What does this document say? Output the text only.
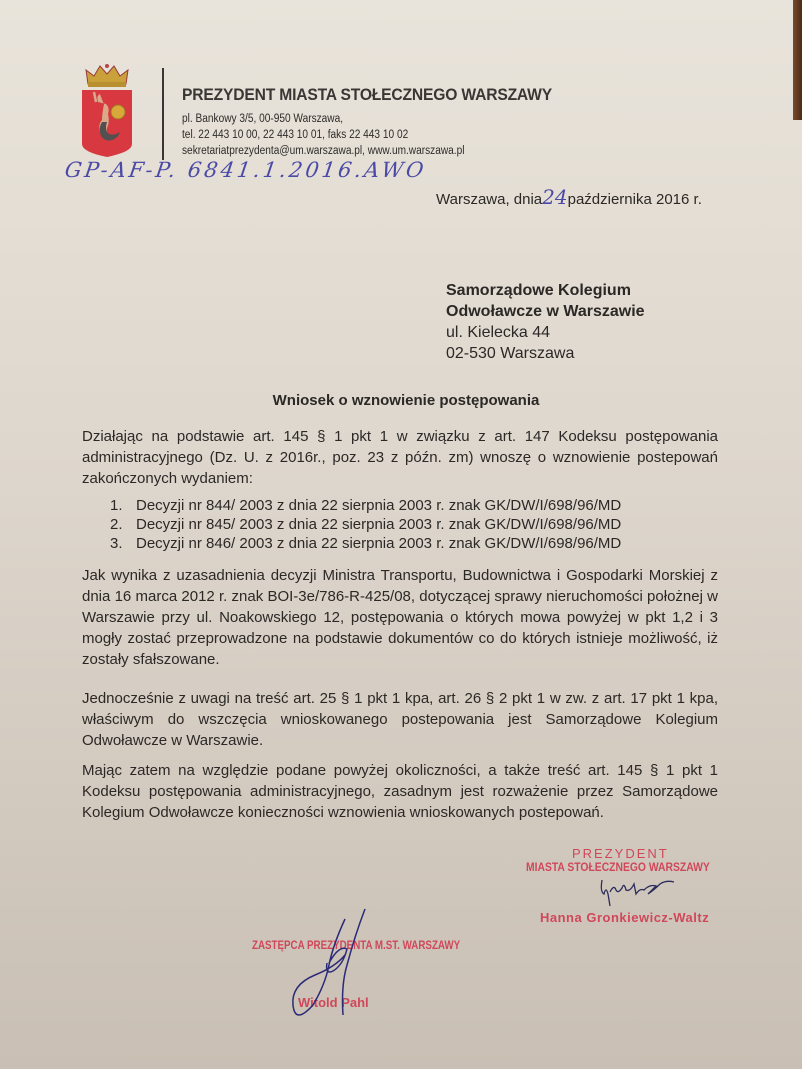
PREZYDENT MIASTA STOŁECZNEGO WARSZAWY
pl. Bankowy 3/5, 00-950 Warszawa,
tel. 22 443 10 00, 22 443 10 01, faks 22 443 10 02
sekretariatprezydenta@um.warszawa.pl, www.um.warszawa.pl
GP-AF-P. 6841.1.2016.AWO
Warszawa, dnia24października 2016 r.
Samorządowe Kolegium
Odwoławcze w Warszawie
ul. Kielecka 44
02-530 Warszawa
Wniosek o wznowienie postępowania
Działając na podstawie art. 145 § 1 pkt 1 w związku z art. 147 Kodeksu postępowania administracyjnego (Dz. U. z 2016r., poz. 23 z późn. zm) wnoszę o wznowienie postepowań zakończonych wydaniem:
1. Decyzji nr 844/ 2003 z dnia 22 sierpnia 2003 r. znak GK/DW/I/698/96/MD
2. Decyzji nr 845/ 2003 z dnia 22 sierpnia 2003 r. znak GK/DW/I/698/96/MD
3. Decyzji nr 846/ 2003 z dnia 22 sierpnia 2003 r. znak GK/DW/I/698/96/MD
Jak wynika z uzasadnienia decyzji Ministra Transportu, Budownictwa i Gospodarki Morskiej z dnia 16 marca 2012 r. znak BOI-3e/786-R-425/08, dotyczącej sprawy nieruchomości położnej w Warszawie przy ul. Noakowskiego 12, postępowania o których mowa powyżej w pkt 1,2 i 3 mogły zostać przeprowadzone na podstawie dokumentów co do których istnieje możliwość, iż zostały sfałszowane.
Jednocześnie z uwagi na treść art. 25 § 1 pkt 1 kpa, art. 26 § 2 pkt 1 w zw. z art. 17 pkt 1 kpa, właściwym do wszczęcia wnioskowanego postepowania jest Samorządowe Kolegium Odwoławcze w Warszawie.
Mając zatem na względzie podane powyżej okoliczności, a także treść art. 145 § 1 pkt 1 Kodeksu postępowania administracyjnego, zasadnym jest rozważenie przez Samorządowe Kolegium Odwoławcze konieczności wznowienia wnioskowanych postepowań.
PREZYDENT
MIASTA STOŁECZNEGO WARSZAWY
Hanna Gronkiewicz-Waltz
ZASTĘPCA PREZYDENTA M.ST. WARSZAWY
Witold Pahl
